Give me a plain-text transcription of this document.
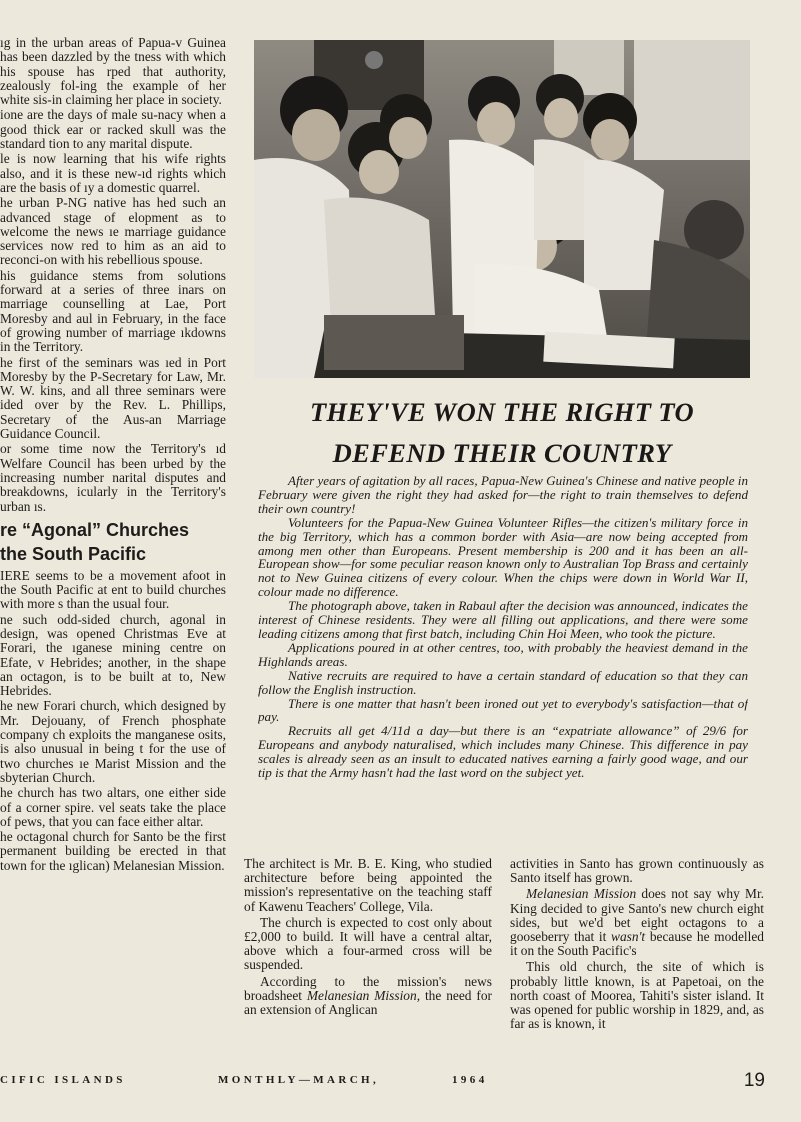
ıg in the urban areas of Papua-v Guinea has been dazzled by the tness with which his spouse has rped that authority, zealously fol-ing the example of her white sis-in claiming her place in society.

ione are the days of male su-nacy when a good thick ear or racked skull was the standard tion to any marital dispute.

le is now learning that his wife rights also, and it is these new-ıd rights which are the basis of ıy a domestic quarrel.

he urban P-NG native has hed such an advanced stage of elopment as to welcome the news ıe marriage guidance services now red to him as an aid to reconci-on with his rebellious spouse.

his guidance stems from solutions forward at a series of three inars on marriage counselling at Lae, Port Moresby and aul in February, in the face of growing number of marriage ıkdowns in the Territory.

he first of the seminars was ıed in Port Moresby by the P-Secretary for Law, Mr. W. W. kins, and all three seminars were ided over by the Rev. L. Phillips, Secretary of the Aus-an Marriage Guidance Council.

or some time now the Territory's ıd Welfare Council has been urbed by the increasing number narital disputes and breakdowns, icularly in the Territory's urban ıs.

re “Agonal” Churches
the South Pacific

IERE seems to be a movement afoot in the South Pacific at ent to build churches with more s than the usual four.

ne such odd-sided church, agonal in design, was opened Christmas Eve at Forari, the ıganese mining centre on Efate, v Hebrides; another, in the shape an octagon, is to be built at to, New Hebrides.

he new Forari church, which designed by Mr. Dejouany, of French phosphate company ch exploits the manganese osits, is also unusual in being t for the use of two churches ıe Marist Mission and the sbyterian Church.

he church has two altars, one either side of a corner spire. vel seats take the place of pews, that you can face either altar.

he octagonal church for Santo be the first permanent building be erected in that town for the ıglican) Melanesian Mission.

THEY'VE WON THE RIGHT TO DEFEND THEIR COUNTRY

After years of agitation by all races, Papua-New Guinea's Chinese and native people in February were given the right they had asked for—the right to train themselves to defend their own country!

Volunteers for the Papua-New Guinea Volunteer Rifles—the citizen's military force in the big Territory, which has a common border with Asia—are now being accepted from among men other than Europeans. Present membership is 200 and it has been an all-European show—for some peculiar reason known only to Australian Top Brass and certainly not to New Guinea citizens of every colour. When the chips were down in World War II, colour made no difference.

The photograph above, taken in Rabaul after the decision was announced, indicates the interest of Chinese residents. They were all filling out applications, and there were some leading citizens among that first batch, including Chin Hoi Meen, who took the picture.

Applications poured in at other centres, too, with probably the heaviest demand in the Highlands areas.

Native recruits are required to have a certain standard of education so that they can follow the English instruction.

There is one matter that hasn't been ironed out yet to everybody's satisfaction—that of pay.

Recruits all get 4/11d a day—but there is an “expatriate allowance” of 29/6 for Europeans and anybody naturalised, which includes many Chinese. This difference in pay scales is already seen as an insult to educated natives earning a fairly good wage, and our tip is that the Army hasn't had the last word on the subject yet.

The architect is Mr. B. E. King, who studied architecture before being appointed the mission's representative on the teaching staff of Kawenu Teachers' College, Vila.

The church is expected to cost only about £2,000 to build. It will have a central altar, above which a four-armed cross will be suspended.

According to the mission's news broadsheet Melanesian Mission, the need for an extension of Anglican

activities in Santo has grown continuously as Santo itself has grown.

Melanesian Mission does not say why Mr. King decided to give Santo's new church eight sides, but we'd bet eight octagons to a gooseberry that it wasn't because he modelled it on the South Pacific's

This old church, the site of which is probably little known, is at Papetoai, on the north coast of Moorea, Tahiti's sister island. It was opened for public worship in 1829, and, as far as is known, it

CIFIC ISLANDS	MONTHLY—MARCH,	1964	19
